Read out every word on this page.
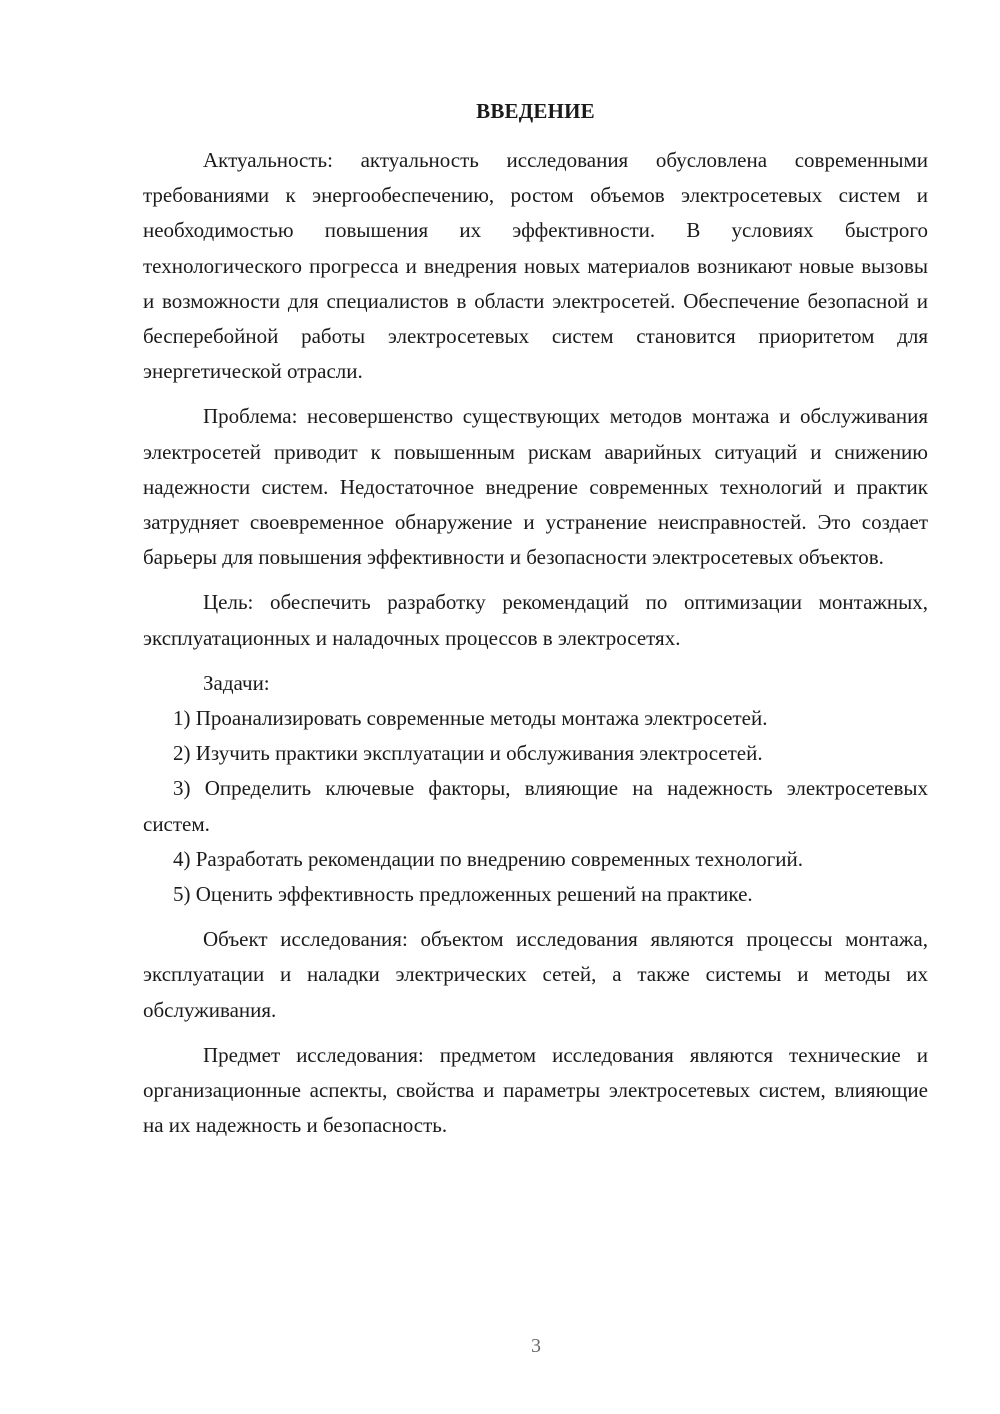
ВВЕДЕНИЕ

Актуальность: актуальность исследования обусловлена современными требованиями к энергообеспечению, ростом объемов электросетевых систем и необходимостью повышения их эффективности. В условиях быстрого технологического прогресса и внедрения новых материалов возникают новые вызовы и возможности для специалистов в области электросетей. Обеспечение безопасной и бесперебойной работы электросетевых систем становится приоритетом для энергетической отрасли.

Проблема: несовершенство существующих методов монтажа и обслуживания электросетей приводит к повышенным рискам аварийных ситуаций и снижению надежности систем. Недостаточное внедрение современных технологий и практик затрудняет своевременное обнаружение и устранение неисправностей. Это создает барьеры для повышения эффективности и безопасности электросетевых объектов.

Цель: обеспечить разработку рекомендаций по оптимизации монтажных, эксплуатационных и наладочных процессов в электросетях.

Задачи:

1) Проанализировать современные методы монтажа электросетей.

2) Изучить практики эксплуатации и обслуживания электросетей.

3) Определить ключевые факторы, влияющие на надежность электросетевых систем.

4) Разработать рекомендации по внедрению современных технологий.

5) Оценить эффективность предложенных решений на практике.

Объект исследования: объектом исследования являются процессы монтажа, эксплуатации и наладки электрических сетей, а также системы и методы их обслуживания.

Предмет исследования: предметом исследования являются технические и организационные аспекты, свойства и параметры электросетевых систем, влияющие на их надежность и безопасность.

3
